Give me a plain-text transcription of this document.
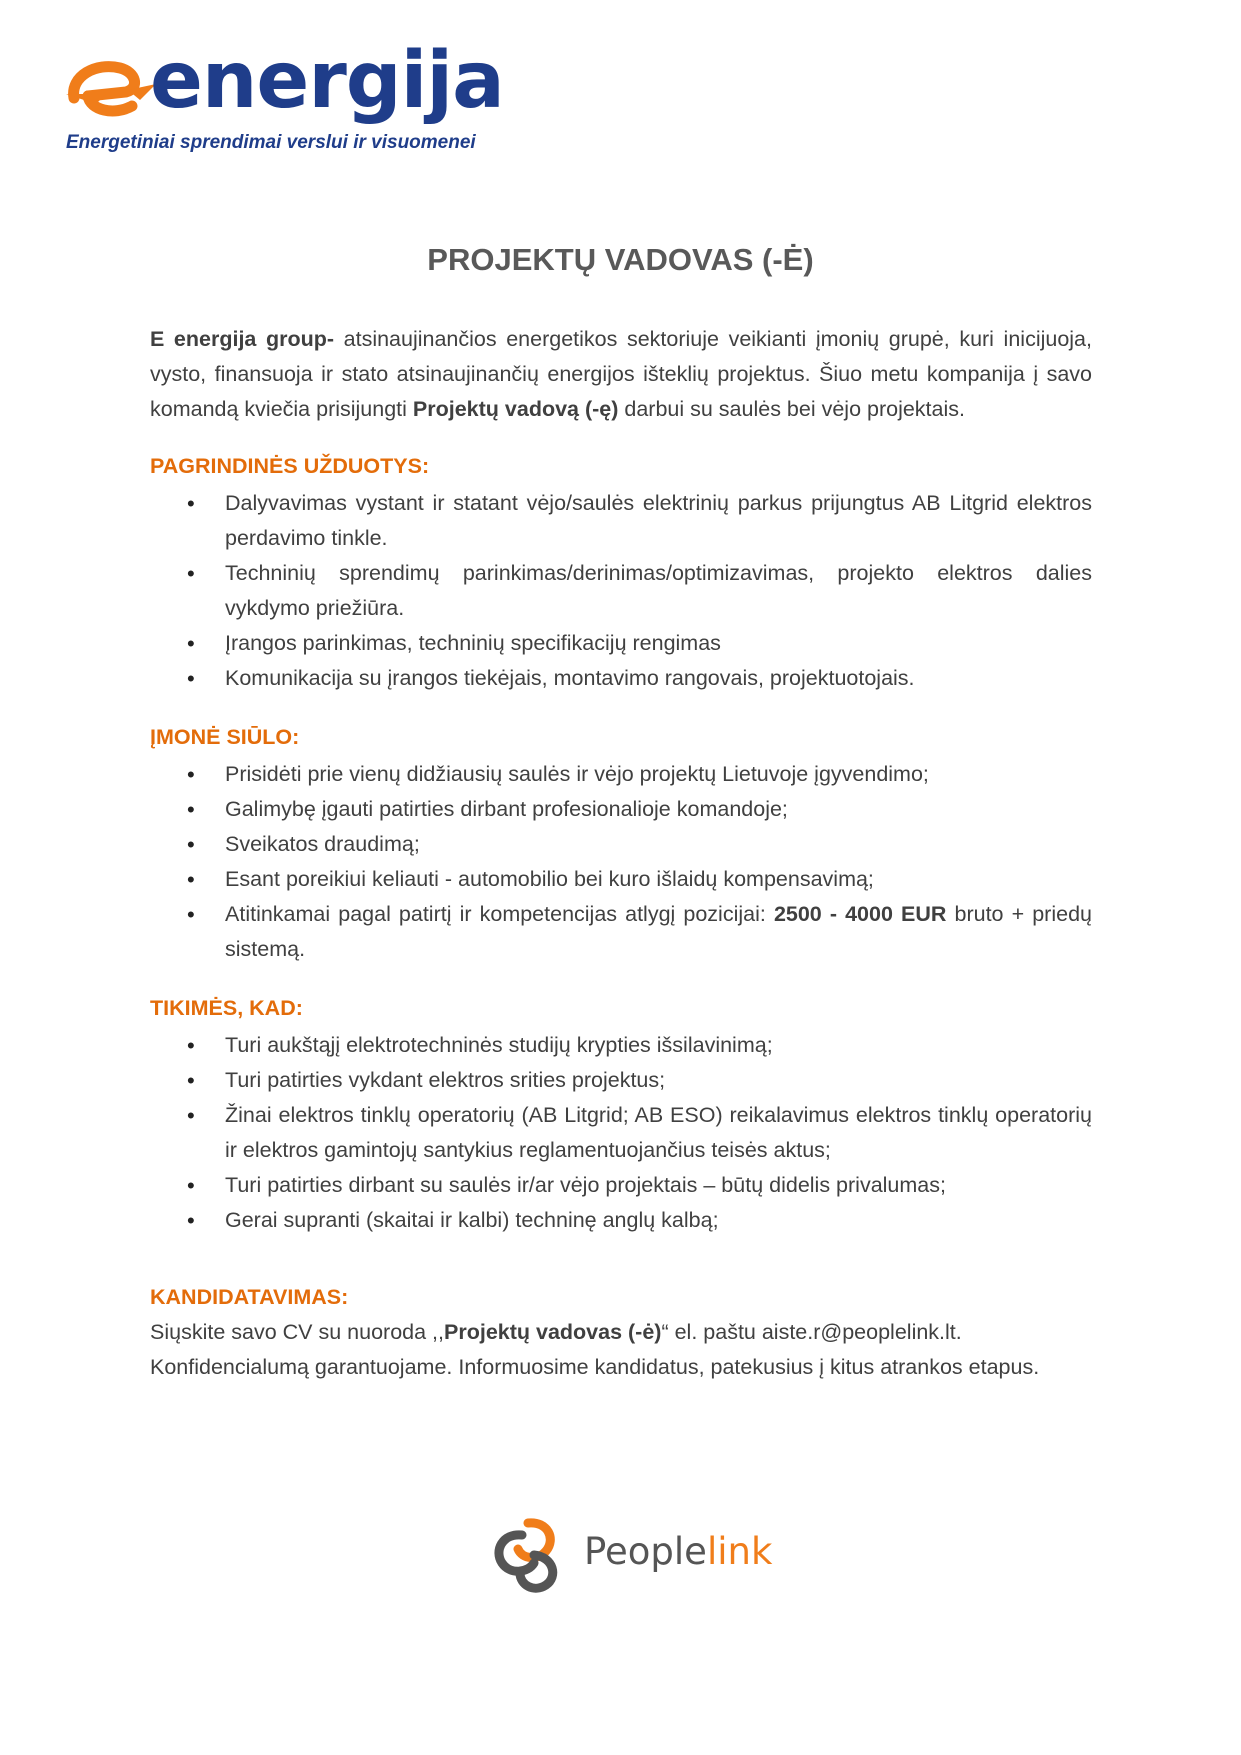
energija
Energetiniai sprendimai verslui ir visuomenei
PROJEKTŲ VADOVAS (-Ė)

E energija group- atsinaujinančios energetikos sektoriuje veikianti įmonių grupė, kuri inicijuoja, vysto, finansuoja ir stato atsinaujinančių energijos išteklių projektus. Šiuo metu kompanija į savo komandą kviečia prisijungti Projektų vadovą (-ę) darbui su saulės bei vėjo projektais.

PAGRINDINĖS UŽDUOTYS:

• Dalyvavimas vystant ir statant vėjo/saulės elektrinių parkus prijungtus AB Litgrid elektros perdavimo tinkle.
• Techninių sprendimų parinkimas/derinimas/optimizavimas, projekto elektros dalies vykdymo priežiūra.
• Įrangos parinkimas, techninių specifikacijų rengimas
• Komunikacija su įrangos tiekėjais, montavimo rangovais, projektuotojais.

ĮMONĖ SIŪLO:

• Prisidėti prie vienų didžiausių saulės ir vėjo projektų Lietuvoje įgyvendimo;
• Galimybę įgauti patirties dirbant profesionalioje komandoje;
• Sveikatos draudimą;
• Esant poreikiui keliauti - automobilio bei kuro išlaidų kompensavimą;
• Atitinkamai pagal patirtį ir kompetencijas atlygį pozicijai: 2500 - 4000 EUR bruto + priedų sistemą.

TIKIMĖS, KAD:

• Turi aukštąjį elektrotechninės studijų krypties išsilavinimą;
• Turi patirties vykdant elektros srities projektus;
• Žinai elektros tinklų operatorių (AB Litgrid; AB ESO) reikalavimus elektros tinklų operatorių ir elektros gamintojų santykius reglamentuojančius teisės aktus;
• Turi patirties dirbant su saulės ir/ar vėjo projektais – būtų didelis privalumas;
• Gerai supranti (skaitai ir kalbi) techninę anglų kalbą;

KANDIDATAVIMAS:

Siųskite savo CV su nuoroda ,,Projektų vadovas (-ė)“ el. paštu aiste.r@peoplelink.lt.

Konfidencialumą garantuojame. Informuosime kandidatus, patekusius į kitus atrankos etapus.

Peoplelink
